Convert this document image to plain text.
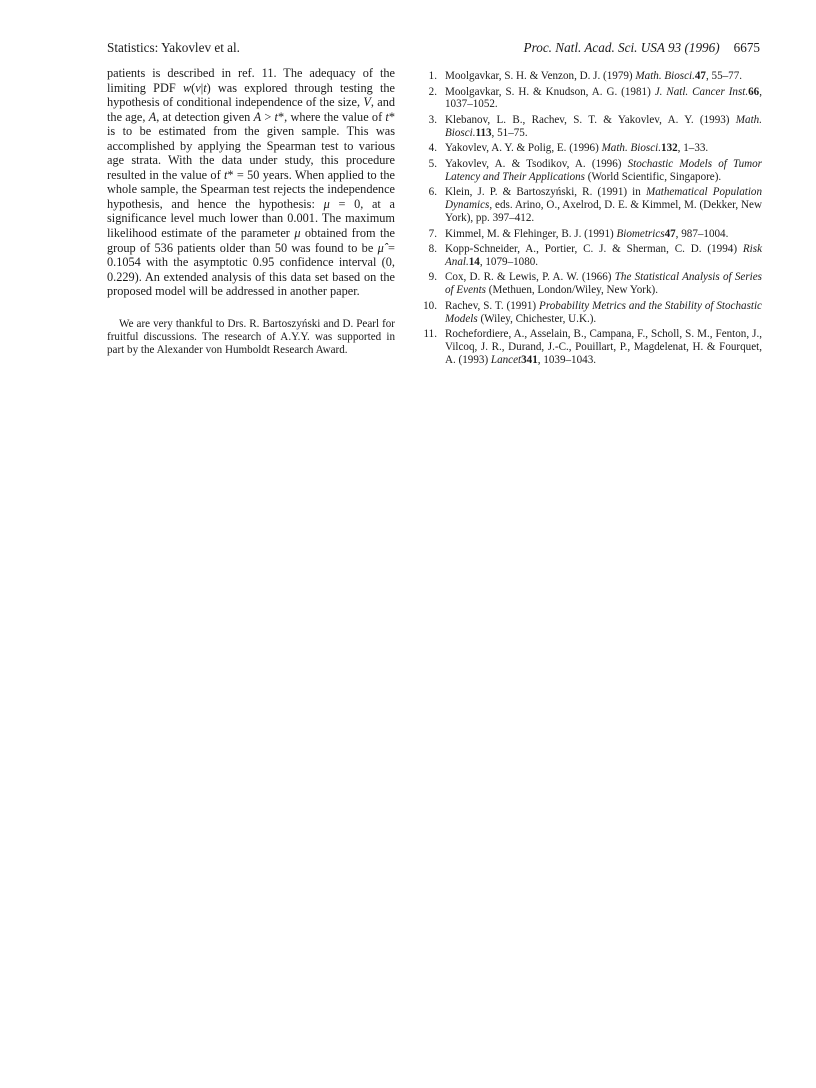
Statistics: Yakovlev et al.	Proc. Natl. Acad. Sci. USA 93 (1996) 6675

patients is described in ref. 11. The adequacy of the limiting PDF w(v|t) was explored through testing the hypothesis of conditional independence of the size, V, and the age, A, at detection given A > t*, where the value of t* is to be estimated from the given sample. This was accomplished by applying the Spearman test to various age strata. With the data under study, this procedure resulted in the value of t* = 50 years. When applied to the whole sample, the Spearman test rejects the independence hypothesis, and hence the hypothesis: μ = 0, at a significance level much lower than 0.001. The maximum likelihood estimate of the parameter μ obtained from the group of 536 patients older than 50 was found to be μ̂ = 0.1054 with the asymptotic 0.95 confidence interval (0, 0.229). An extended analysis of this data set based on the proposed model will be addressed in another paper.

We are very thankful to Drs. R. Bartoszyński and D. Pearl for fruitful discussions. The research of A.Y.Y. was supported in part by the Alexander von Humboldt Research Award.

1. Moolgavkar, S. H. & Venzon, D. J. (1979) Math. Biosci.47, 55–77.
2. Moolgavkar, S. H. & Knudson, A. G. (1981) J. Natl. Cancer Inst.66, 1037–1052.
3. Klebanov, L. B., Rachev, S. T. & Yakovlev, A. Y. (1993) Math. Biosci.113, 51–75.
4. Yakovlev, A. Y. & Polig, E. (1996) Math. Biosci.132, 1–33.
5. Yakovlev, A. & Tsodikov, A. (1996) Stochastic Models of Tumor Latency and Their Applications (World Scientific, Singapore).
6. Klein, J. P. & Bartoszyński, R. (1991) in Mathematical Population Dynamics, eds. Arino, O., Axelrod, D. E. & Kimmel, M. (Dekker, New York), pp. 397–412.
7. Kimmel, M. & Flehinger, B. J. (1991) Biometrics47, 987–1004.
8. Kopp-Schneider, A., Portier, C. J. & Sherman, C. D. (1994) Risk Anal.14, 1079–1080.
9. Cox, D. R. & Lewis, P. A. W. (1966) The Statistical Analysis of Series of Events (Methuen, London/Wiley, New York).
10. Rachev, S. T. (1991) Probability Metrics and the Stability of Stochastic Models (Wiley, Chichester, U.K.).
11. Rochefordiere, A., Asselain, B., Campana, F., Scholl, S. M., Fenton, J., Vilcoq, J. R., Durand, J.-C., Pouillart, P., Magdelenat, H. & Fourquet, A. (1993) Lancet341, 1039–1043.
